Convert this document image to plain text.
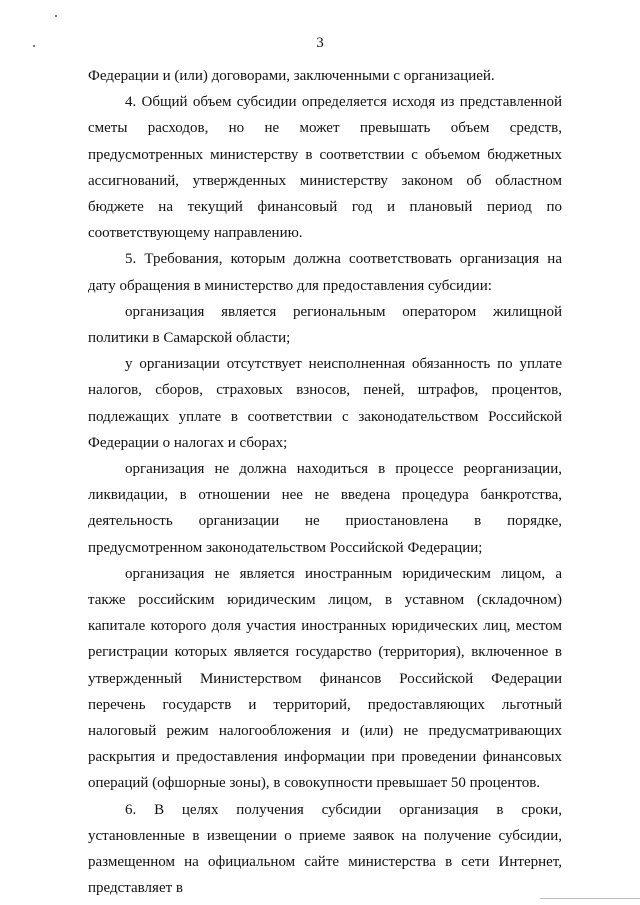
3

Федерации и (или) договорами, заключенными с организацией.

4. Общий объем субсидии определяется исходя из представленной сметы расходов, но не может превышать объем средств, предусмотренных министерству в соответствии с объемом бюджетных ассигнований, утвержденных министерству законом об областном бюджете на текущий финансовый год и плановый период по соответствующему направлению.

5. Требования, которым должна соответствовать организация на дату обращения в министерство для предоставления субсидии:

организация является региональным оператором жилищной политики в Самарской области;

у организации отсутствует неисполненная обязанность по уплате налогов, сборов, страховых взносов, пеней, штрафов, процентов, подлежащих уплате в соответствии с законодательством Российской Федерации о налогах и сборах;

организация не должна находиться в процессе реорганизации, ликвидации, в отношении нее не введена процедура банкротства, деятельность организации не приостановлена в порядке, предусмотренном законодательством Российской Федерации;

организация не является иностранным юридическим лицом, а также российским юридическим лицом, в уставном (складочном) капитале которого доля участия иностранных юридических лиц, местом регистрации которых является государство (территория), включенное в утвержденный Министерством финансов Российской Федерации перечень государств и территорий, предоставляющих льготный налоговый режим налогообложения и (или) не предусматривающих раскрытия и предоставления информации при проведении финансовых операций (офшорные зоны), в совокупности превышает 50 процентов.

6. В целях получения субсидии организация в сроки, установленные в извещении о приеме заявок на получение субсидии, размещенном на официальном сайте министерства в сети Интернет, представляет в
